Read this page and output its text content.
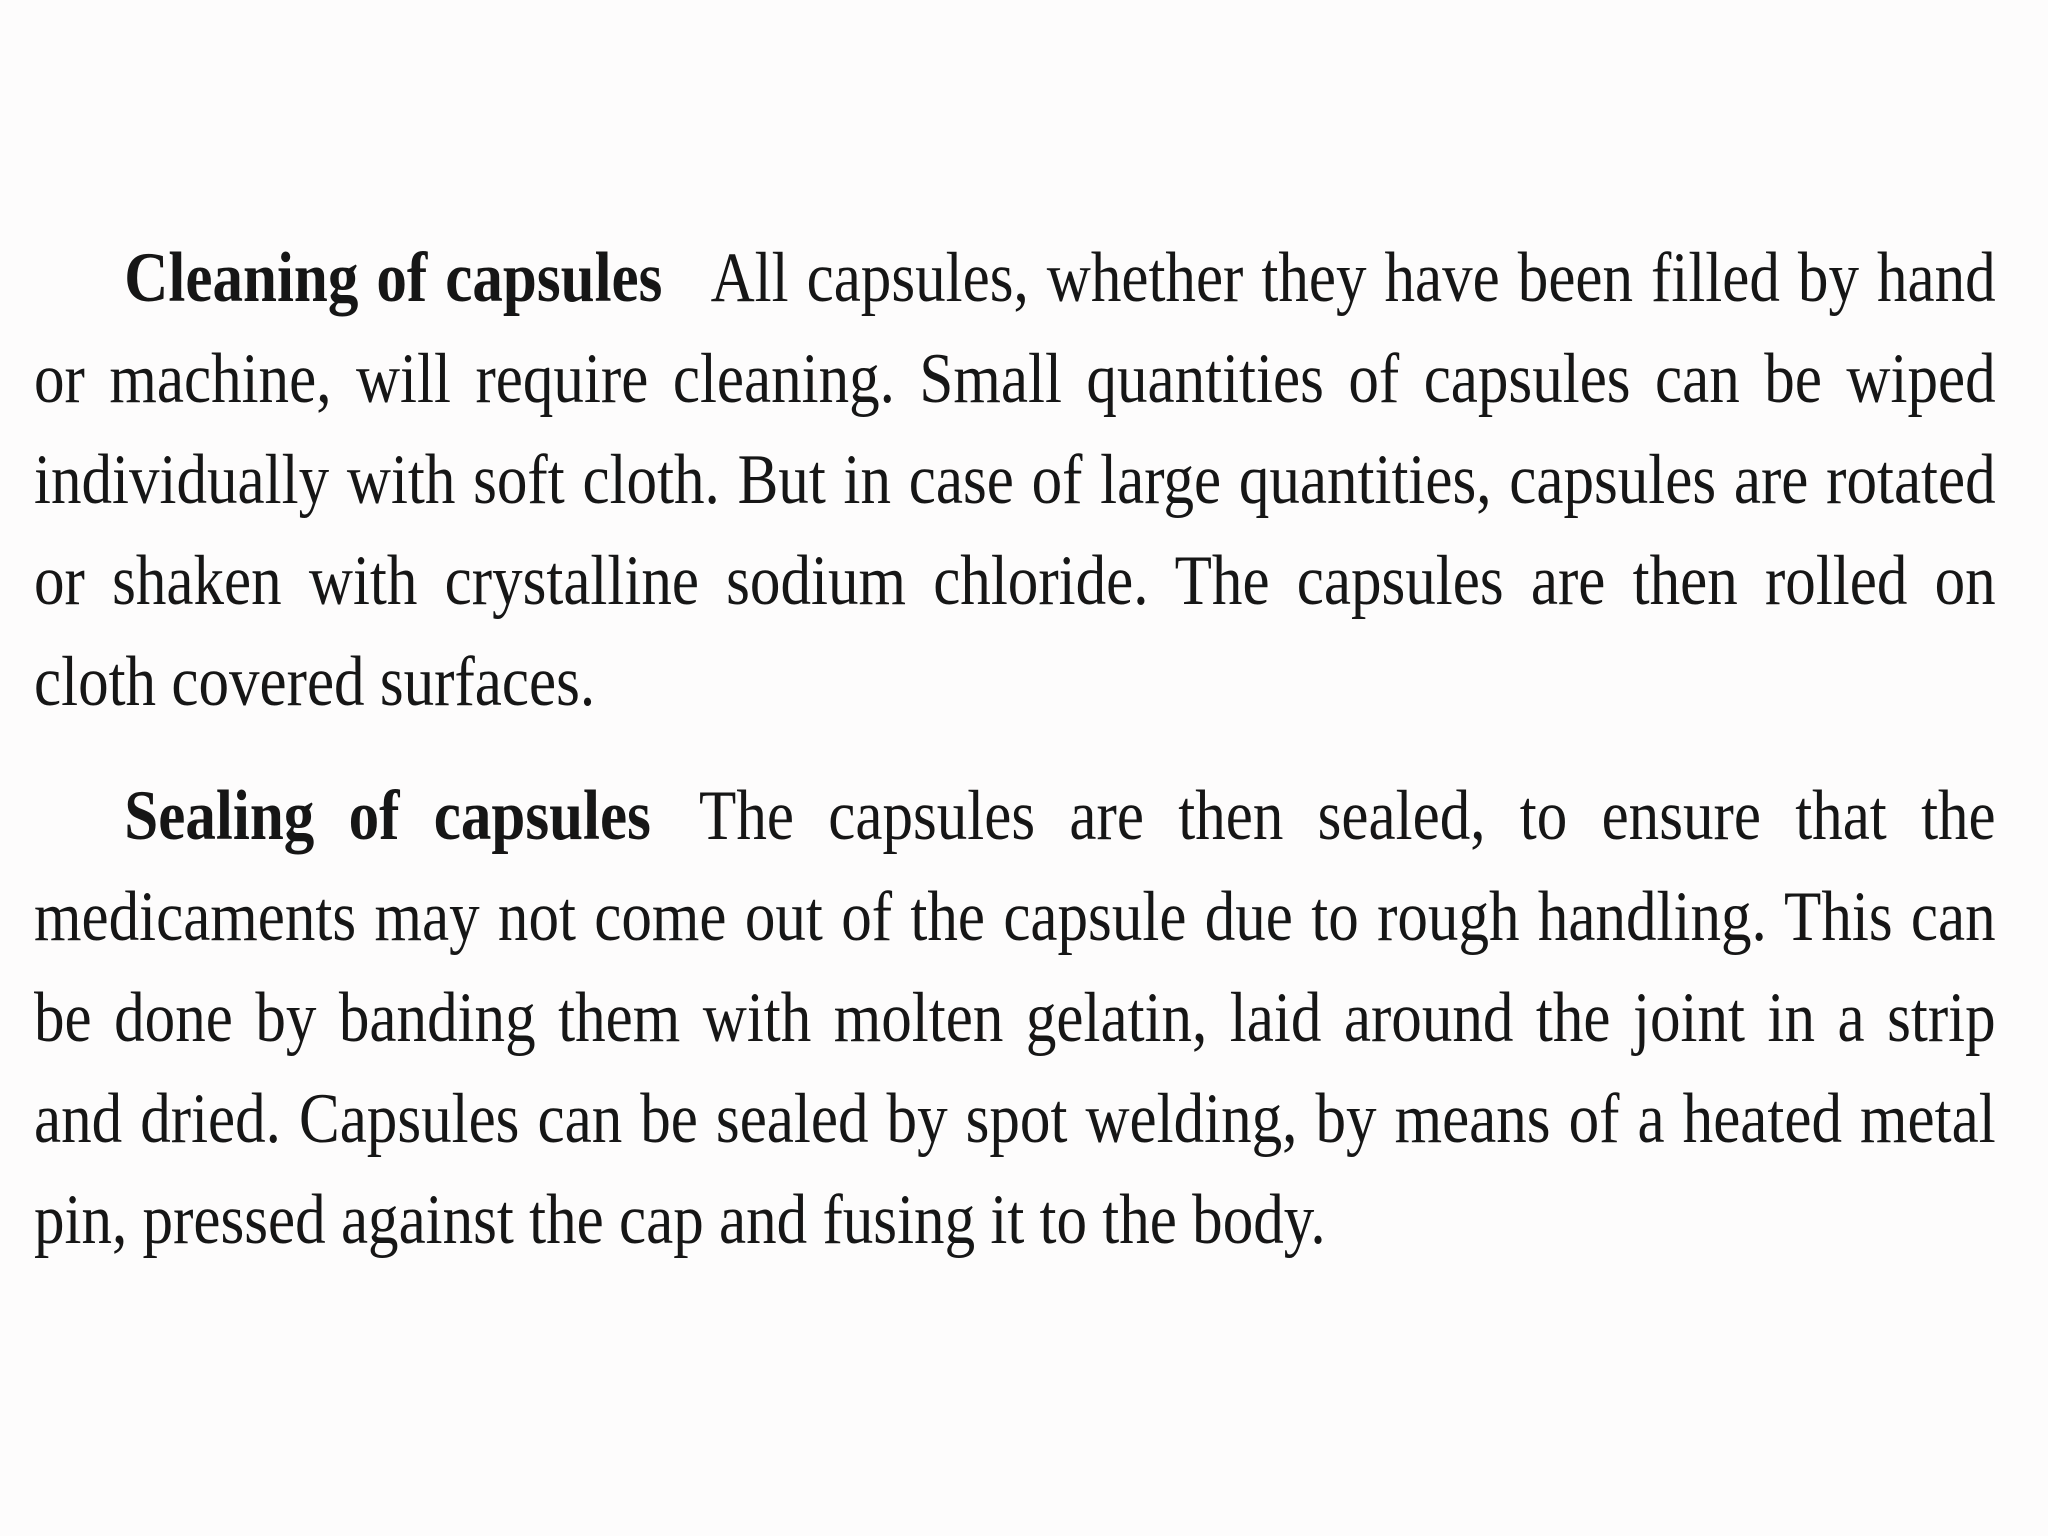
Cleaning of capsules All capsules, whether they have been filled by hand or machine, will require cleaning. Small quantities of capsules can be wiped individually with soft cloth. But in case of large quantities, capsules are rotated or shaken with crystalline sodium chloride. The capsules are then rolled on cloth covered surfaces.

Sealing of capsules The capsules are then sealed, to ensure that the medicaments may not come out of the capsule due to rough handling. This can be done by banding them with molten gelatin, laid around the joint in a strip and dried. Capsules can be sealed by spot welding, by means of a heated metal pin, pressed against the cap and fusing it to the body.
